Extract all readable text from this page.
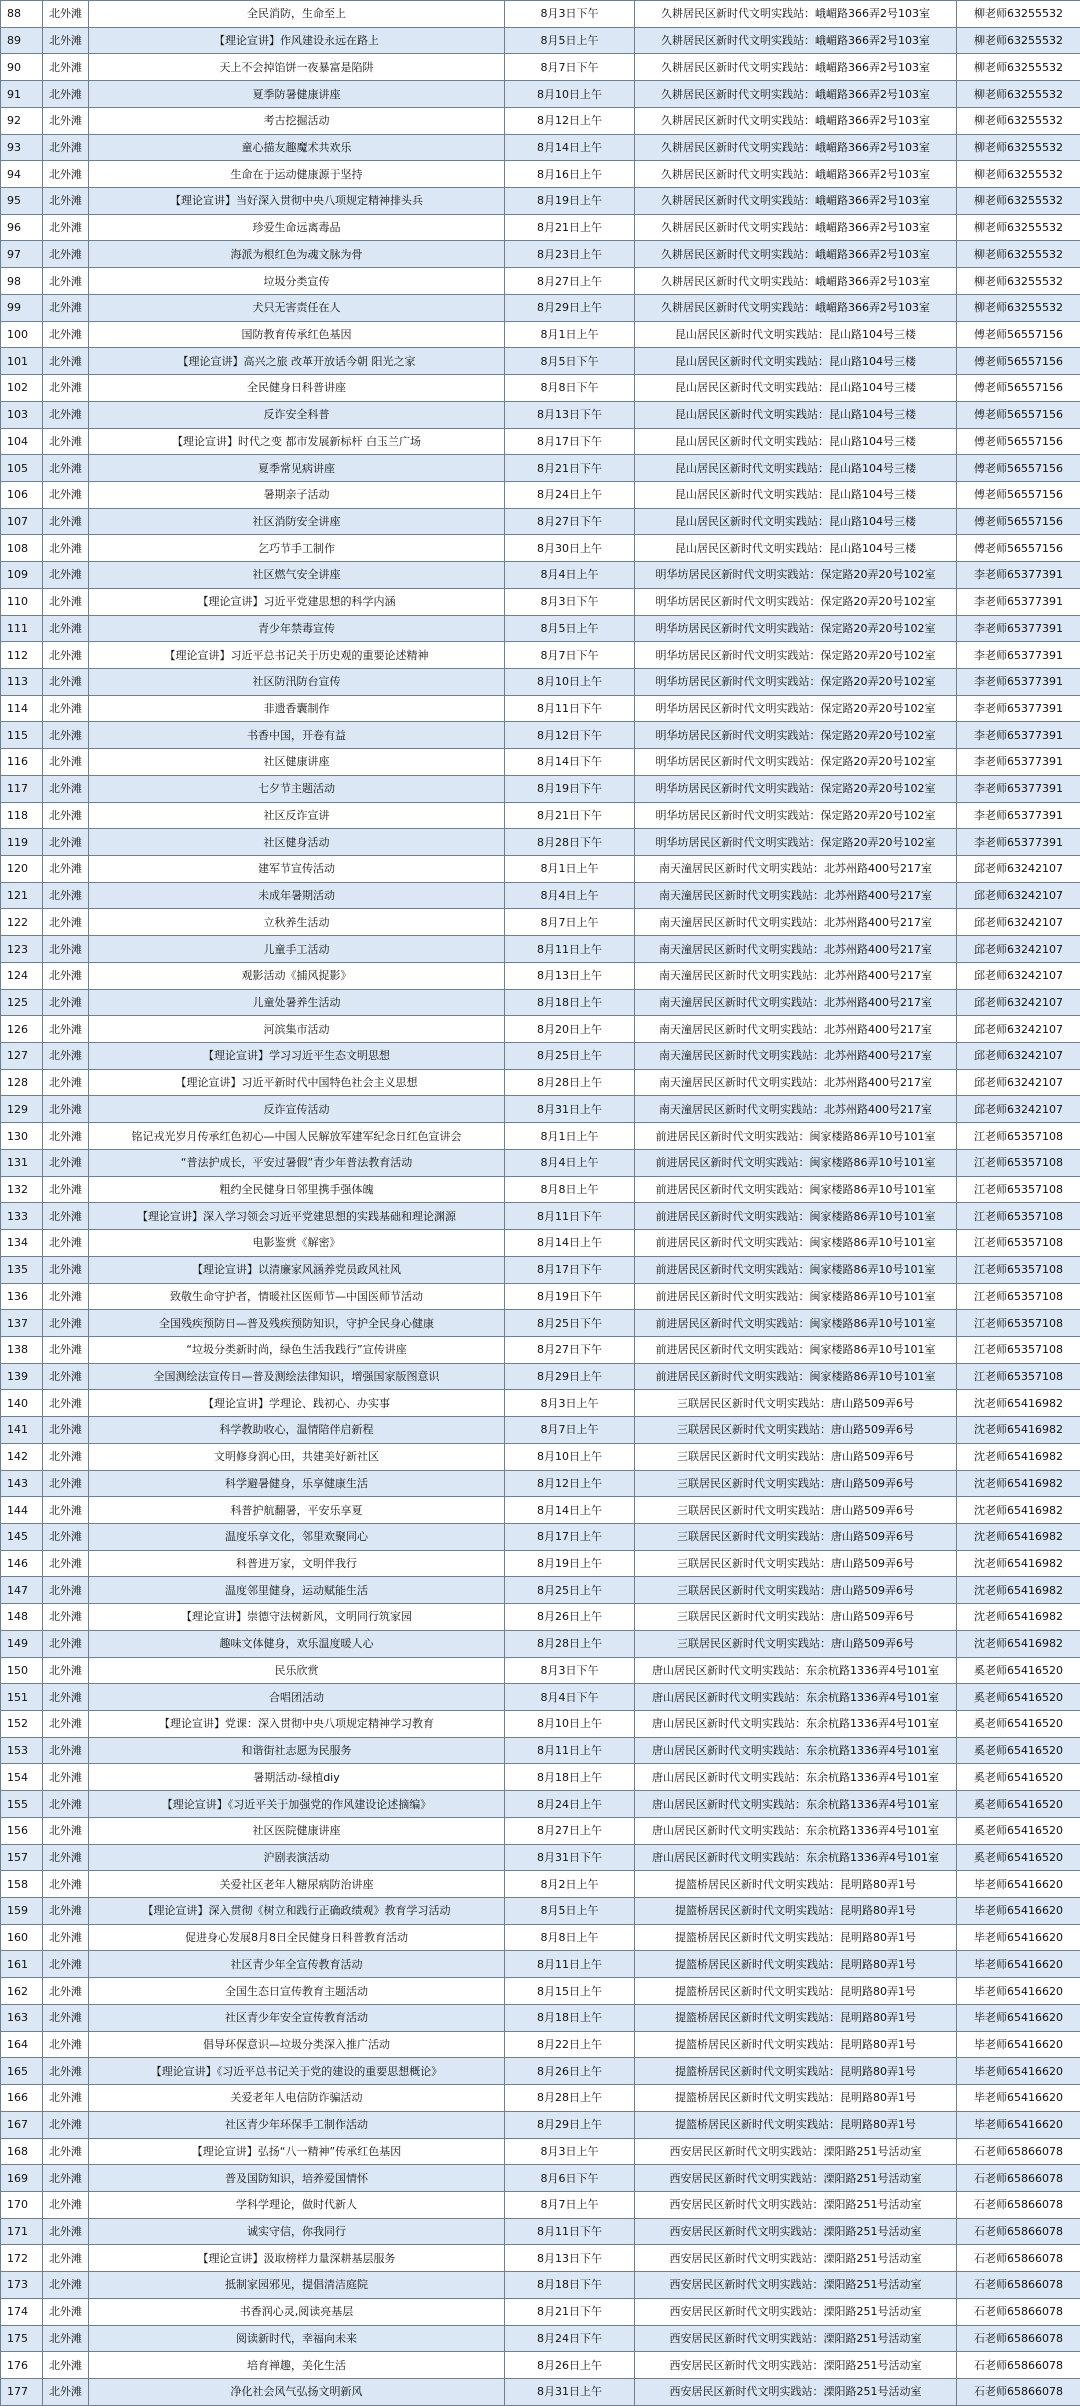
88	北外滩	全民消防，生命至上	8月3日下午	久耕居民区新时代文明实践站：峨嵋路366弄2号103室	柳老师63255532
89	北外滩	【理论宣讲】作风建设永远在路上	8月5日上午	久耕居民区新时代文明实践站：峨嵋路366弄2号103室	柳老师63255532
90	北外滩	天上不会掉馅饼一夜暴富是陷阱	8月7日下午	久耕居民区新时代文明实践站：峨嵋路366弄2号103室	柳老师63255532
91	北外滩	夏季防暑健康讲座	8月10日上午	久耕居民区新时代文明实践站：峨嵋路366弄2号103室	柳老师63255532
92	北外滩	考古挖掘活动	8月12日上午	久耕居民区新时代文明实践站：峨嵋路366弄2号103室	柳老师63255532
93	北外滩	童心描友趣魔术共欢乐	8月14日上午	久耕居民区新时代文明实践站：峨嵋路366弄2号103室	柳老师63255532
94	北外滩	生命在于运动健康源于坚持	8月16日上午	久耕居民区新时代文明实践站：峨嵋路366弄2号103室	柳老师63255532
95	北外滩	【理论宣讲】当好深入贯彻中央八项规定精神排头兵	8月19日上午	久耕居民区新时代文明实践站：峨嵋路366弄2号103室	柳老师63255532
96	北外滩	珍爱生命远离毒品	8月21日上午	久耕居民区新时代文明实践站：峨嵋路366弄2号103室	柳老师63255532
97	北外滩	海派为根红色为魂文脉为骨	8月23日上午	久耕居民区新时代文明实践站：峨嵋路366弄2号103室	柳老师63255532
98	北外滩	垃圾分类宣传	8月27日上午	久耕居民区新时代文明实践站：峨嵋路366弄2号103室	柳老师63255532
99	北外滩	犬只无害责任在人	8月29日上午	久耕居民区新时代文明实践站：峨嵋路366弄2号103室	柳老师63255532
100	北外滩	国防教育传承红色基因	8月1日上午	昆山居民区新时代文明实践站：昆山路104号三楼	傅老师56557156
101	北外滩	【理论宣讲】高兴之旅 改革开放话今朝 阳光之家	8月5日下午	昆山居民区新时代文明实践站：昆山路104号三楼	傅老师56557156
102	北外滩	全民健身日科普讲座	8月8日下午	昆山居民区新时代文明实践站：昆山路104号三楼	傅老师56557156
103	北外滩	反诈安全科普	8月13日下午	昆山居民区新时代文明实践站：昆山路104号三楼	傅老师56557156
104	北外滩	【理论宣讲】时代之变 都市发展新标杆 白玉兰广场	8月17日下午	昆山居民区新时代文明实践站：昆山路104号三楼	傅老师56557156
105	北外滩	夏季常见病讲座	8月21日下午	昆山居民区新时代文明实践站：昆山路104号三楼	傅老师56557156
106	北外滩	暑期亲子活动	8月24日上午	昆山居民区新时代文明实践站：昆山路104号三楼	傅老师56557156
107	北外滩	社区消防安全讲座	8月27日下午	昆山居民区新时代文明实践站：昆山路104号三楼	傅老师56557156
108	北外滩	乞巧节手工制作	8月30日上午	昆山居民区新时代文明实践站：昆山路104号三楼	傅老师56557156
109	北外滩	社区燃气安全讲座	8月4日上午	明华坊居民区新时代文明实践站：保定路20弄20号102室	李老师65377391
110	北外滩	【理论宣讲】习近平党建思想的科学内涵	8月3日下午	明华坊居民区新时代文明实践站：保定路20弄20号102室	李老师65377391
111	北外滩	青少年禁毒宣传	8月5日上午	明华坊居民区新时代文明实践站：保定路20弄20号102室	李老师65377391
112	北外滩	【理论宣讲】习近平总书记关于历史观的重要论述精神	8月7日下午	明华坊居民区新时代文明实践站：保定路20弄20号102室	李老师65377391
113	北外滩	社区防汛防台宣传	8月10日上午	明华坊居民区新时代文明实践站：保定路20弄20号102室	李老师65377391
114	北外滩	非遗香囊制作	8月11日下午	明华坊居民区新时代文明实践站：保定路20弄20号102室	李老师65377391
115	北外滩	书香中国，开卷有益	8月12日下午	明华坊居民区新时代文明实践站：保定路20弄20号102室	李老师65377391
116	北外滩	社区健康讲座	8月14日下午	明华坊居民区新时代文明实践站：保定路20弄20号102室	李老师65377391
117	北外滩	七夕节主题活动	8月19日下午	明华坊居民区新时代文明实践站：保定路20弄20号102室	李老师65377391
118	北外滩	社区反诈宣讲	8月21日下午	明华坊居民区新时代文明实践站：保定路20弄20号102室	李老师65377391
119	北外滩	社区健身活动	8月28日下午	明华坊居民区新时代文明实践站：保定路20弄20号102室	李老师65377391
120	北外滩	建军节宣传活动	8月1日上午	南天潼居民区新时代文明实践站：北苏州路400号217室	邱老师63242107
121	北外滩	未成年暑期活动	8月4日上午	南天潼居民区新时代文明实践站：北苏州路400号217室	邱老师63242107
122	北外滩	立秋养生活动	8月7日上午	南天潼居民区新时代文明实践站：北苏州路400号217室	邱老师63242107
123	北外滩	儿童手工活动	8月11日上午	南天潼居民区新时代文明实践站：北苏州路400号217室	邱老师63242107
124	北外滩	观影活动《捕风捉影》	8月13日上午	南天潼居民区新时代文明实践站：北苏州路400号217室	邱老师63242107
125	北外滩	儿童处暑养生活动	8月18日上午	南天潼居民区新时代文明实践站：北苏州路400号217室	邱老师63242107
126	北外滩	河滨集市活动	8月20日上午	南天潼居民区新时代文明实践站：北苏州路400号217室	邱老师63242107
127	北外滩	【理论宣讲】学习习近平生态文明思想	8月25日上午	南天潼居民区新时代文明实践站：北苏州路400号217室	邱老师63242107
128	北外滩	【理论宣讲】习近平新时代中国特色社会主义思想	8月28日上午	南天潼居民区新时代文明实践站：北苏州路400号217室	邱老师63242107
129	北外滩	反诈宣传活动	8月31日上午	南天潼居民区新时代文明实践站：北苏州路400号217室	邱老师63242107
130	北外滩	铭记戎光岁月传承红色初心—中国人民解放军建军纪念日红色宣讲会	8月1日上午	前进居民区新时代文明实践站：闽家楼路86弄10号101室	江老师65357108
131	北外滩	“普法护成长，平安过暑假”青少年普法教育活动	8月4日上午	前进居民区新时代文明实践站：闽家楼路86弄10号101室	江老师65357108
132	北外滩	粗约全民健身日邻里携手强体魄	8月8日上午	前进居民区新时代文明实践站：闽家楼路86弄10号101室	江老师65357108
133	北外滩	【理论宣讲】深入学习领会习近平党建思想的实践基础和理论渊源	8月11日下午	前进居民区新时代文明实践站：闽家楼路86弄10号101室	江老师65357108
134	北外滩	电影鉴赏《解密》	8月14日上午	前进居民区新时代文明实践站：闽家楼路86弄10号101室	江老师65357108
135	北外滩	【理论宣讲】以清廉家风涵养党员政风社风	8月17日下午	前进居民区新时代文明实践站：闽家楼路86弄10号101室	江老师65357108
136	北外滩	致敬生命守护者，情暖社区医师节—中国医师节活动	8月19日下午	前进居民区新时代文明实践站：闽家楼路86弄10号101室	江老师65357108
137	北外滩	全国残疾预防日—普及残疾预防知识，守护全民身心健康	8月25日下午	前进居民区新时代文明实践站：闽家楼路86弄10号101室	江老师65357108
138	北外滩	“垃圾分类新时尚，绿色生活我践行”宣传讲座	8月27日下午	前进居民区新时代文明实践站：闽家楼路86弄10号101室	江老师65357108
139	北外滩	全国测绘法宣传日—普及测绘法律知识，增强国家版图意识	8月29日上午	前进居民区新时代文明实践站：闽家楼路86弄10号101室	江老师65357108
140	北外滩	【理论宣讲】学理论、践初心、办实事	8月3日上午	三联居民区新时代文明实践站：唐山路509弄6号	沈老师65416982
141	北外滩	科学教助收心，温情陪伴启新程	8月7日上午	三联居民区新时代文明实践站：唐山路509弄6号	沈老师65416982
142	北外滩	文明修身润心田，共建美好新社区	8月10日上午	三联居民区新时代文明实践站：唐山路509弄6号	沈老师65416982
143	北外滩	科学避暑健身，乐享健康生活	8月12日上午	三联居民区新时代文明实践站：唐山路509弄6号	沈老师65416982
144	北外滩	科普护航翻暑，平安乐享夏	8月14日上午	三联居民区新时代文明实践站：唐山路509弄6号	沈老师65416982
145	北外滩	温度乐享文化，邻里欢聚同心	8月17日上午	三联居民区新时代文明实践站：唐山路509弄6号	沈老师65416982
146	北外滩	科普进万家，文明伴我行	8月19日上午	三联居民区新时代文明实践站：唐山路509弄6号	沈老师65416982
147	北外滩	温度邻里健身，运动赋能生活	8月25日上午	三联居民区新时代文明实践站：唐山路509弄6号	沈老师65416982
148	北外滩	【理论宣讲】崇德守法树新风，文明同行筑家园	8月26日上午	三联居民区新时代文明实践站：唐山路509弄6号	沈老师65416982
149	北外滩	趣味文体健身，欢乐温度暖人心	8月28日上午	三联居民区新时代文明实践站：唐山路509弄6号	沈老师65416982
150	北外滩	民乐欣赏	8月3日下午	唐山居民区新时代文明实践站：东余杭路1336弄4号101室	奚老师65416520
151	北外滩	合唱团活动	8月4日下午	唐山居民区新时代文明实践站：东余杭路1336弄4号101室	奚老师65416520
152	北外滩	【理论宣讲】党课：深入贯彻中央八项规定精神学习教育	8月10日上午	唐山居民区新时代文明实践站：东余杭路1336弄4号101室	奚老师65416520
153	北外滩	和谐街社志愿为民服务	8月11日上午	唐山居民区新时代文明实践站：东余杭路1336弄4号101室	奚老师65416520
154	北外滩	暑期活动-绿植diy	8月18日上午	唐山居民区新时代文明实践站：东余杭路1336弄4号101室	奚老师65416520
155	北外滩	【理论宣讲】《习近平关于加强党的作风建设论述摘编》	8月24日上午	唐山居民区新时代文明实践站：东余杭路1336弄4号101室	奚老师65416520
156	北外滩	社区医院健康讲座	8月27日上午	唐山居民区新时代文明实践站：东余杭路1336弄4号101室	奚老师65416520
157	北外滩	沪剧表演活动	8月31日下午	唐山居民区新时代文明实践站：东余杭路1336弄4号101室	奚老师65416520
158	北外滩	关爱社区老年人糖尿病防治讲座	8月2日上午	提篮桥居民区新时代文明实践站：昆明路80弄1号	毕老师65416620
159	北外滩	【理论宣讲】深入贯彻《树立和践行正确政绩观》教育学习活动	8月5日上午	提篮桥居民区新时代文明实践站：昆明路80弄1号	毕老师65416620
160	北外滩	促进身心发展8月8日全民健身日科普教育活动	8月8日上午	提篮桥居民区新时代文明实践站：昆明路80弄1号	毕老师65416620
161	北外滩	社区青少年全宣传教育活动	8月11日上午	提篮桥居民区新时代文明实践站：昆明路80弄1号	毕老师65416620
162	北外滩	全国生态日宣传教育主题活动	8月15日上午	提篮桥居民区新时代文明实践站：昆明路80弄1号	毕老师65416620
163	北外滩	社区青少年安全宣传教育活动	8月18日上午	提篮桥居民区新时代文明实践站：昆明路80弄1号	毕老师65416620
164	北外滩	倡导环保意识—垃圾分类深入推广活动	8月22日上午	提篮桥居民区新时代文明实践站：昆明路80弄1号	毕老师65416620
165	北外滩	【理论宣讲】《习近平总书记关于党的建设的重要思想概论》	8月26日上午	提篮桥居民区新时代文明实践站：昆明路80弄1号	毕老师65416620
166	北外滩	关爱老年人电信防诈骗活动	8月28日上午	提篮桥居民区新时代文明实践站：昆明路80弄1号	毕老师65416620
167	北外滩	社区青少年环保手工制作活动	8月29日上午	提篮桥居民区新时代文明实践站：昆明路80弄1号	毕老师65416620
168	北外滩	【理论宣讲】弘扬“八一精神”传承红色基因	8月3日上午	西安居民区新时代文明实践站：溧阳路251号活动室	石老师65866078
169	北外滩	普及国防知识，培养爱国情怀	8月6日下午	西安居民区新时代文明实践站：溧阳路251号活动室	石老师65866078
170	北外滩	学科学理论，做时代新人	8月7日上午	西安居民区新时代文明实践站：溧阳路251号活动室	石老师65866078
171	北外滩	诚实守信，你我同行	8月11日下午	西安居民区新时代文明实践站：溧阳路251号活动室	石老师65866078
172	北外滩	【理论宣讲】汲取榜样力量深耕基层服务	8月13日下午	西安居民区新时代文明实践站：溧阳路251号活动室	石老师65866078
173	北外滩	抵制家园邪见，提倡清洁庭院	8月18日下午	西安居民区新时代文明实践站：溧阳路251号活动室	石老师65866078
174	北外滩	书香润心灵,阅读亮基层	8月21日下午	西安居民区新时代文明实践站：溧阳路251号活动室	石老师65866078
175	北外滩	阅读新时代，幸福向未来	8月24日下午	西安居民区新时代文明实践站：溧阳路251号活动室	石老师65866078
176	北外滩	培育禅趣，美化生活	8月26日上午	西安居民区新时代文明实践站：溧阳路251号活动室	石老师65866078
177	北外滩	净化社会风气弘扬文明新风	8月31日上午	西安居民区新时代文明实践站：溧阳路251号活动室	石老师65866078
